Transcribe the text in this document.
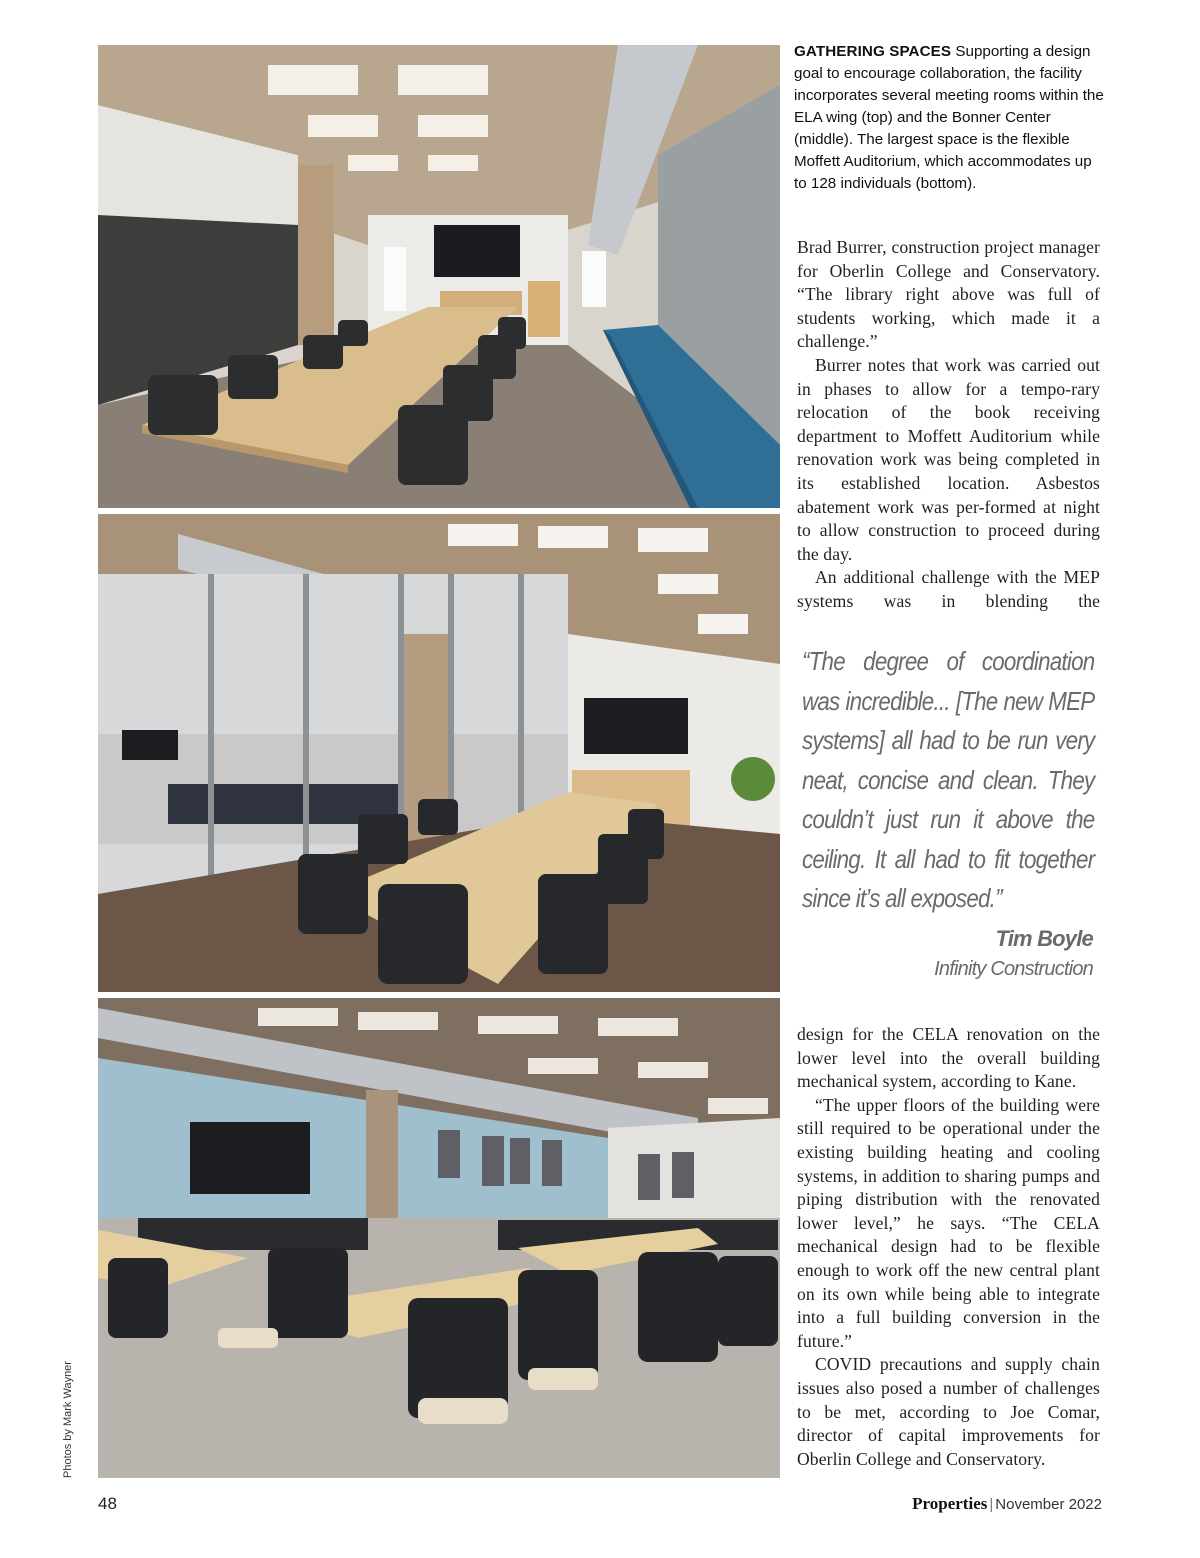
GATHERING SPACES Supporting a design goal to encourage collaboration, the facility incorporates several meeting rooms within the ELA wing (top) and the Bonner Center (middle). The largest space is the flexible Moffett Auditorium, which accommodates up to 128 individuals (bottom).

Brad Burrer, construction project manager for Oberlin College and Conservatory. “The library right above was full of students working, which made it a challenge.”

Burrer notes that work was carried out in phases to allow for a tempo-rary relocation of the book receiving department to Moffett Auditorium while renovation work was being completed in its established location. Asbestos abatement work was per-formed at night to allow construction to proceed during the day.

An additional challenge with the MEP systems was in blending the

“The degree of coordination was incredible... [The new MEP systems] all had to be run very neat, concise and clean. They couldn’t just run it above the ceiling. It all had to fit together since it’s all exposed.”
Tim Boyle
Infinity Construction

design for the CELA renovation on the lower level into the overall building mechanical system, according to Kane.

“The upper floors of the building were still required to be operational under the existing building heating and cooling systems, in addition to sharing pumps and piping distribution with the renovated lower level,” he says. “The CELA mechanical design had to be flexible enough to work off the new central plant on its own while being able to integrate into a full building conversion in the future.”

COVID precautions and supply chain issues also posed a number of challenges to be met, according to Joe Comar, director of capital improvements for Oberlin College and Conservatory.

Photos by Mark Wayner
48	Properties | November 2022
